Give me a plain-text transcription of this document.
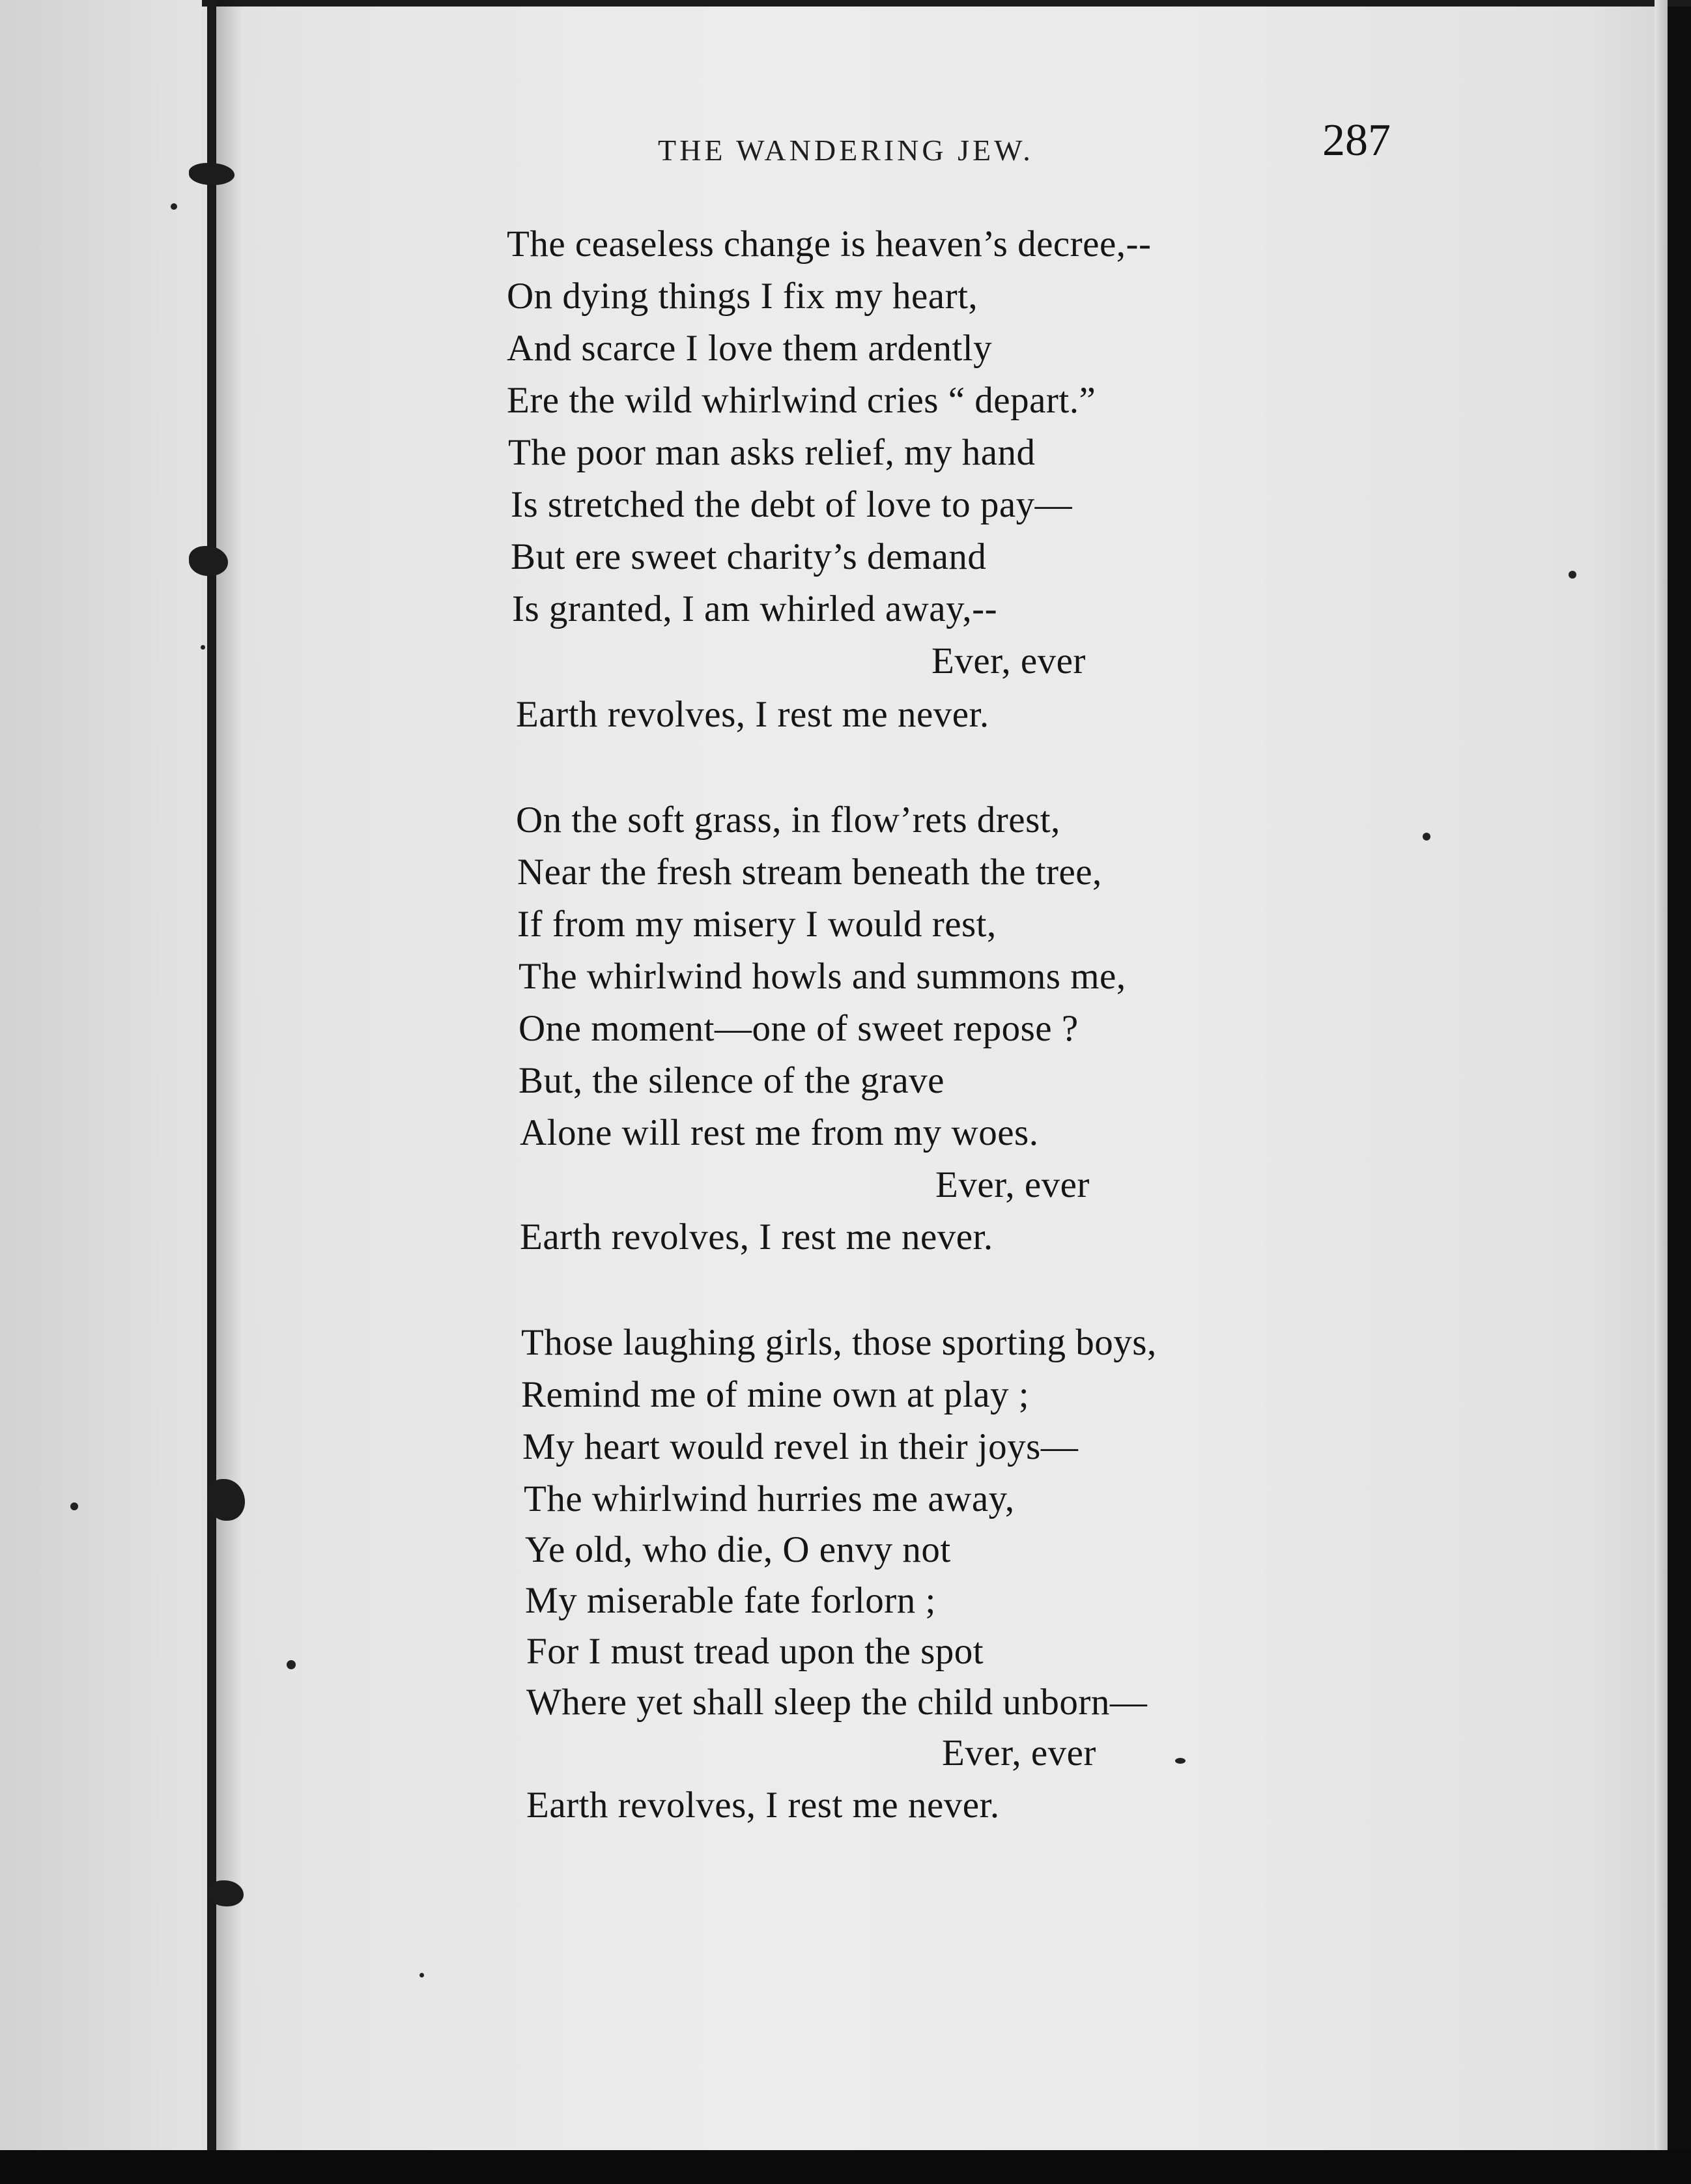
THE WANDERING JEW.	287
The ceaseless change is heaven’s decree,--
On dying things I fix my heart,
And scarce I love them ardently
Ere the wild whirlwind cries “ depart.”
The poor man asks relief, my hand
Is stretched the debt of love to pay—
But ere sweet charity’s demand
Is granted, I am whirled away,--
Ever, ever
Earth revolves, I rest me never.
On the soft grass, in flow’rets drest,
Near the fresh stream beneath the tree,
If from my misery I would rest,
The whirlwind howls and summons me,
One moment—one of sweet repose ?
But, the silence of the grave
Alone will rest me from my woes.
Ever, ever
Earth revolves, I rest me never.
Those laughing girls, those sporting boys,
Remind me of mine own at play ;
My heart would revel in their joys—
The whirlwind hurries me away,
Ye old, who die, O envy not
My miserable fate forlorn ;
For I must tread upon the spot
Where yet shall sleep the child unborn—
Ever, ever
Earth revolves, I rest me never.
